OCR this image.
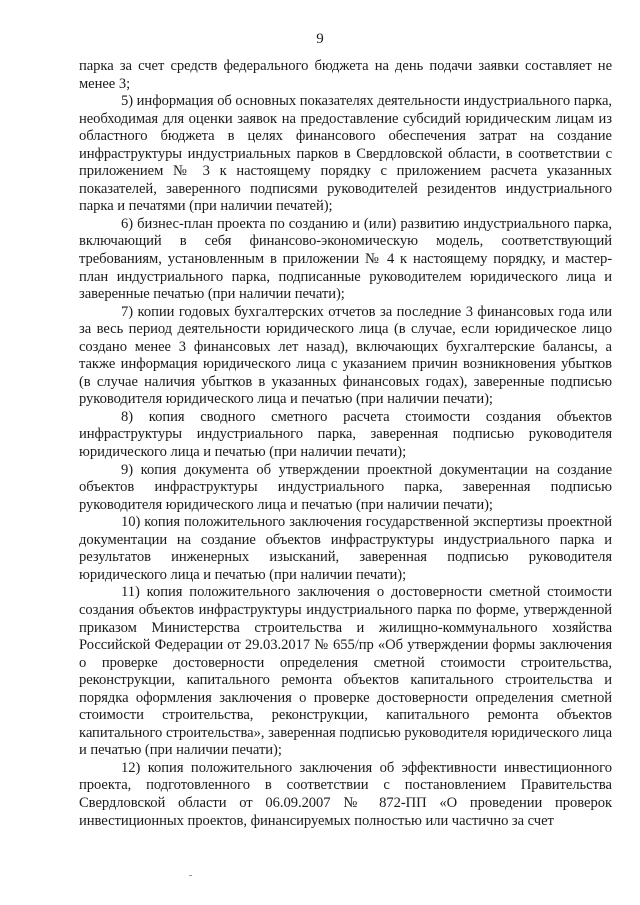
9

парка за счет средств федерального бюджета на день подачи заявки составляет не менее 3;

5) информация об основных показателях деятельности индустриального парка, необходимая для оценки заявок на предоставление субсидий юридическим лицам из областного бюджета в целях финансового обеспечения затрат на создание инфраструктуры индустриальных парков в Свердловской области, в соответствии с приложением № 3 к настоящему порядку с приложением расчета указанных показателей, заверенного подписями руководителей резидентов индустриального парка и печатями (при наличии печатей);

6) бизнес-план проекта по созданию и (или) развитию индустриального парка, включающий в себя финансово-экономическую модель, соответствующий требованиям, установленным в приложении № 4 к настоящему порядку, и мастер-план индустриального парка, подписанные руководителем юридического лица и заверенные печатью (при наличии печати);

7) копии годовых бухгалтерских отчетов за последние 3 финансовых года или за весь период деятельности юридического лица (в случае, если юридическое лицо создано менее 3 финансовых лет назад), включающих бухгалтерские балансы, а также информация юридического лица с указанием причин возникновения убытков (в случае наличия убытков в указанных финансовых годах), заверенные подписью руководителя юридического лица и печатью (при наличии печати);

8) копия сводного сметного расчета стоимости создания объектов инфраструктуры индустриального парка, заверенная подписью руководителя юридического лица и печатью (при наличии печати);

9) копия документа об утверждении проектной документации на создание объектов инфраструктуры индустриального парка, заверенная подписью руководителя юридического лица и печатью (при наличии печати);

10) копия положительного заключения государственной экспертизы проектной документации на создание объектов инфраструктуры индустриального парка и результатов инженерных изысканий, заверенная подписью руководителя юридического лица и печатью (при наличии печати);

11) копия положительного заключения о достоверности сметной стоимости создания объектов инфраструктуры индустриального парка по форме, утвержденной приказом Министерства строительства и жилищно-коммунального хозяйства Российской Федерации от 29.03.2017 № 655/пр «Об утверждении формы заключения о проверке достоверности определения сметной стоимости строительства, реконструкции, капитального ремонта объектов капитального строительства и порядка оформления заключения о проверке достоверности определения сметной стоимости строительства, реконструкции, капитального ремонта объектов капитального строительства», заверенная подписью руководителя юридического лица и печатью (при наличии печати);

12) копия положительного заключения об эффективности инвестиционного проекта, подготовленного в соответствии с постановлением Правительства Свердловской области от 06.09.2007 № 872-ПП «О проведении проверок инвестиционных проектов, финансируемых полностью или частично за счет
